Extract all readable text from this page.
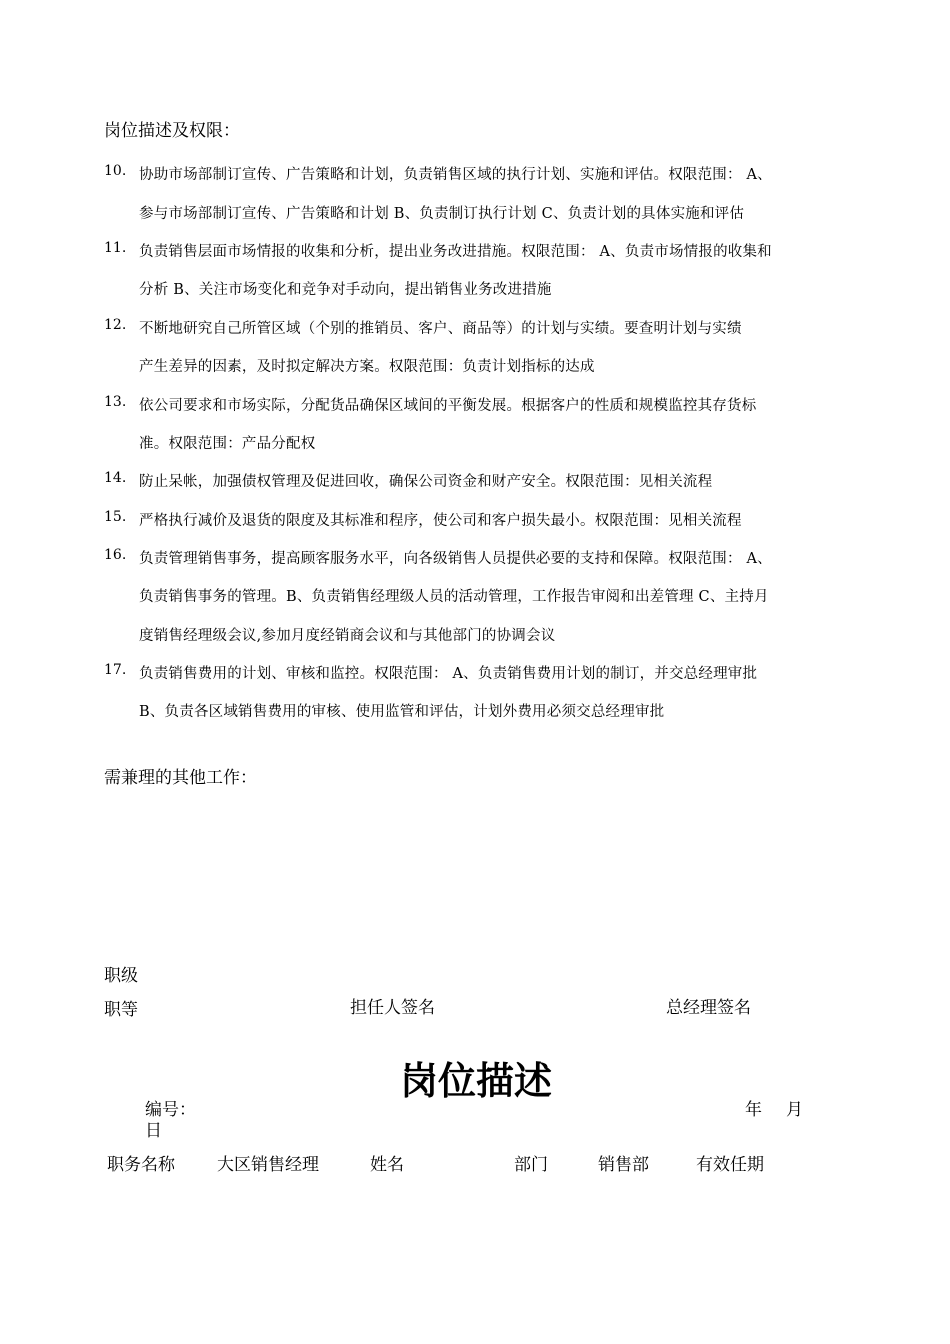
岗位描述及权限：
10. 协助市场部制订宣传、广告策略和计划，负责销售区域的执行计划、实施和评估。权限范围： A、
参与市场部制订宣传、广告策略和计划 B、负责制订执行计划 C、负责计划的具体实施和评估
11. 负责销售层面市场情报的收集和分析，提出业务改进措施。权限范围： A、负责市场情报的收集和
分析 B、关注市场变化和竞争对手动向，提出销售业务改进措施
12. 不断地研究自己所管区域（个别的推销员、客户、商品等）的计划与实绩。要查明计划与实绩
产生差异的因素，及时拟定解决方案。权限范围：负责计划指标的达成
13. 依公司要求和市场实际，分配货品确保区域间的平衡发展。根据客户的性质和规模监控其存货标
准。权限范围：产品分配权
14. 防止呆帐，加强债权管理及促进回收，确保公司资金和财产安全。权限范围：见相关流程
15. 严格执行减价及退货的限度及其标准和程序，使公司和客户损失最小。权限范围：见相关流程
16. 负责管理销售事务，提高顾客服务水平，向各级销售人员提供必要的支持和保障。权限范围： A、
负责销售事务的管理。B、负责销售经理级人员的活动管理，工作报告审阅和出差管理 C、主持月
度销售经理级会议,参加月度经销商会议和与其他部门的协调会议
17. 负责销售费用的计划、审核和监控。权限范围： A、负责销售费用计划的制订，并交总经理审批
B、负责各区域销售费用的审核、使用监管和评估，计划外费用必须交总经理审批
需兼理的其他工作：
职级
职等	担任人签名	总经理签名
岗位描述
编号：	年 月
日
职务名称 大区销售经理	姓名	部门	销售部	有效任期
